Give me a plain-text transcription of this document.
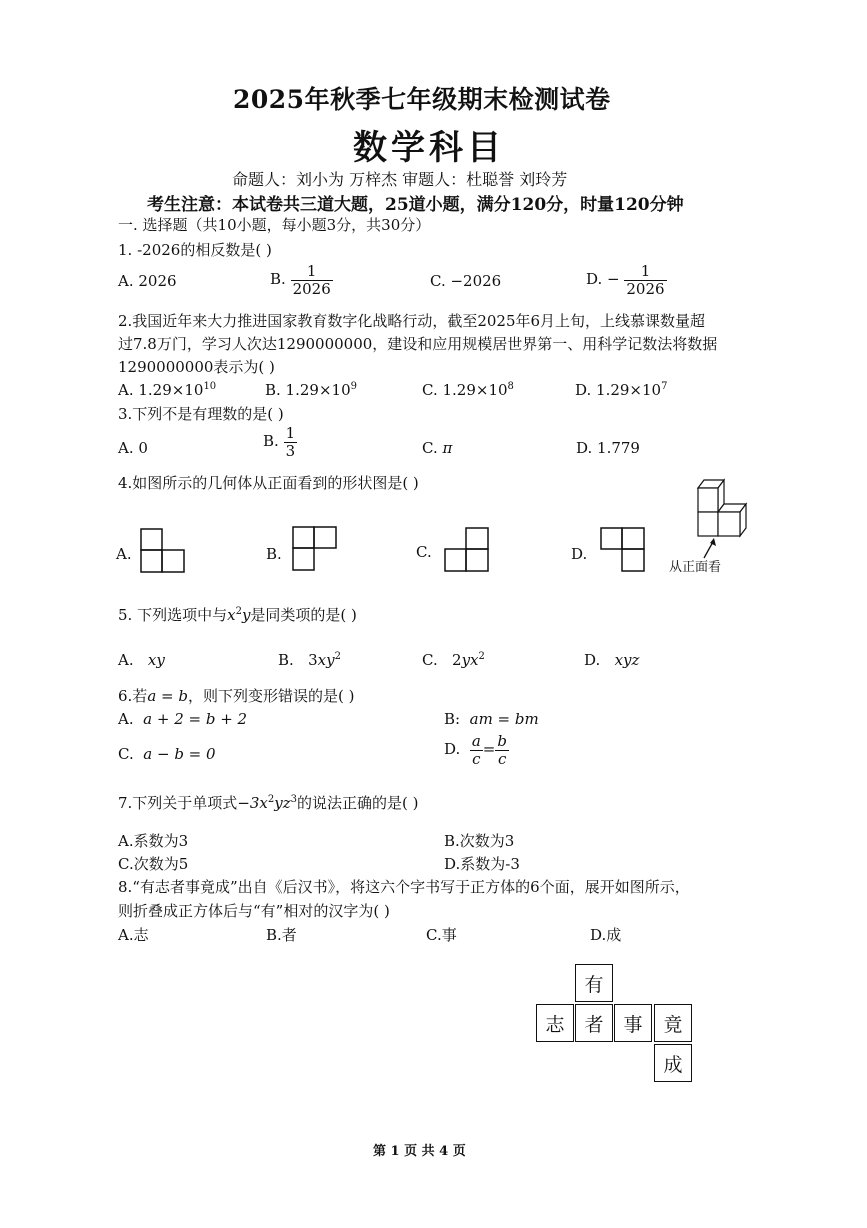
2025年秋季七年级期末检测试卷
数学科目
命题人：刘小为 万梓杰 审题人：杜聪誉 刘玲芳
考生注意：本试卷共三道大题，25道小题，满分120分，时量120分钟
一. 选择题（共10小题，每小题3分，共30分）
1. -2026的相反数是( )
A. 2026	B. $\frac{1}{2026}$	C. −2026	D. − $\frac{1}{2026}$
2.我国近年来大力推进国家教育数字化战略行动，截至2025年6月上旬，上线慕课数量超
过7.8万门，学习人次达1290000000，建设和应用规模居世界第一、用科学记数法将数据
1290000000表示为( )
A. $1.29\times 10^{10}$	B. $1.29\times 10^9$	C. $1.29\times 10^8$	D. $1.29\times 10^7$
3.下列不是有理数的是( )
A. 0	B. $\frac{1}{3}$	C. π	D. 1.779
4.如图所示的几何体从正面看到的形状图是( )
A.	B.	C.	D.
从正面看
5. 下列选项中与$x^2y$是同类项的是( )
A. xy	B. $3xy^2$	C. $2yx^2$	D. xyz
6.若a = b，则下列变形错误的是( )
A. a + 2 = b + 2	B: am = bm
C. a − b = 0	D. $\frac{a}{c} = \frac{b}{c}$
7.下列关于单项式$-3x^2yz^3$的说法正确的是( )
A.系数为3	B.次数为3
C.次数为5	D.系数为-3
8.“有志者事竟成”出自《后汉书》，将这六个字书写于正方体的6个面，展开如图所示，
则折叠成正方体后与“有”相对的汉字为( )
A.志	B.者	C.事	D.成
有
志	者	事	竟
成
第 1 页 共 4 页
